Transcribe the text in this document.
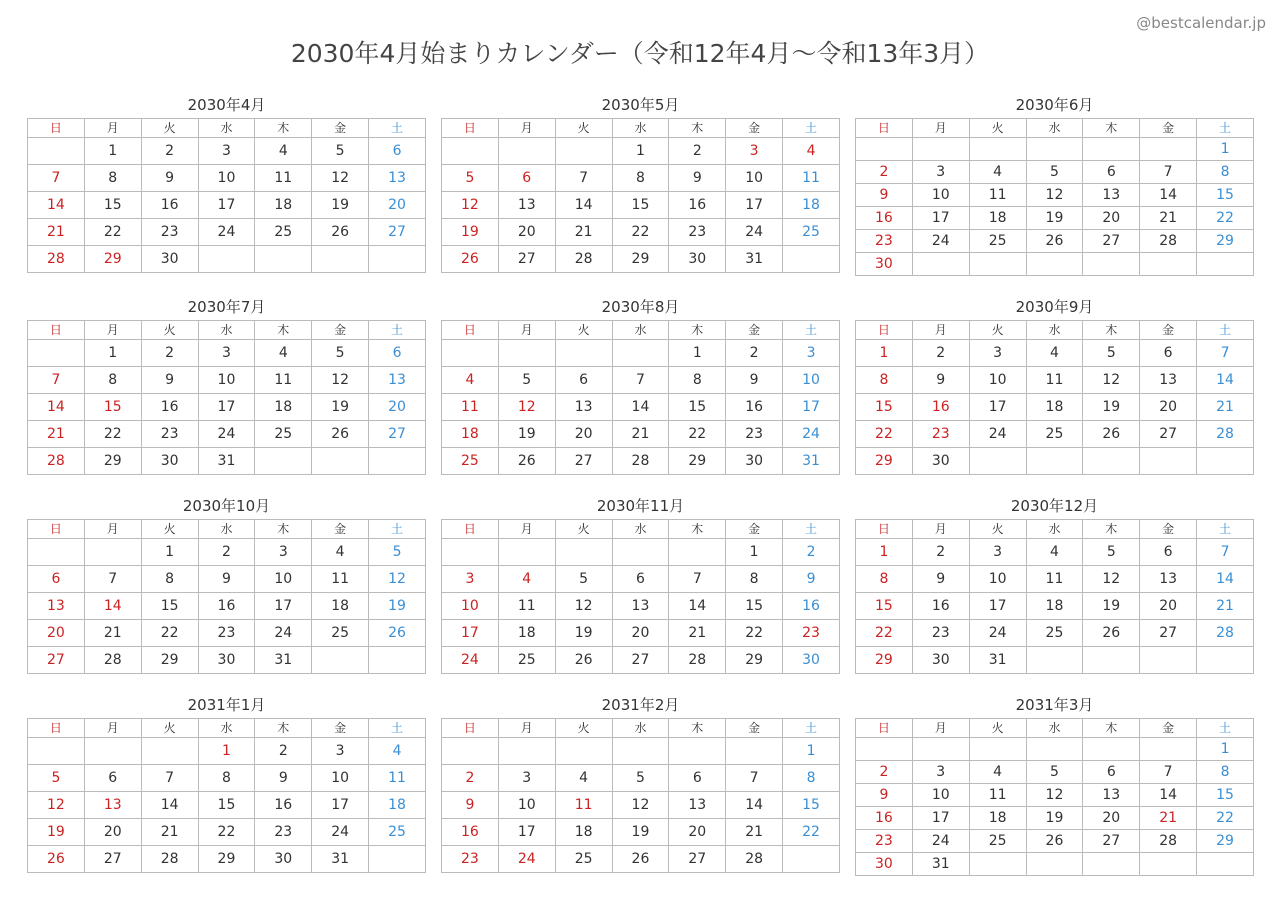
@bestcalendar.jp
2030年4月始まりカレンダー（令和12年4月〜令和13年3月）
2030年4月
日	月	火	水	木	金	土
	1	2	3	4	5	6
7	8	9	10	11	12	13
14	15	16	17	18	19	20
21	22	23	24	25	26	27
28	29	30				
2030年5月
日	月	火	水	木	金	土
			1	2	3	4
5	6	7	8	9	10	11
12	13	14	15	16	17	18
19	20	21	22	23	24	25
26	27	28	29	30	31	
2030年6月
日	月	火	水	木	金	土
						1
2	3	4	5	6	7	8
9	10	11	12	13	14	15
16	17	18	19	20	21	22
23	24	25	26	27	28	29
30						
2030年7月
日	月	火	水	木	金	土
	1	2	3	4	5	6
7	8	9	10	11	12	13
14	15	16	17	18	19	20
21	22	23	24	25	26	27
28	29	30	31			
2030年8月
日	月	火	水	木	金	土
				1	2	3
4	5	6	7	8	9	10
11	12	13	14	15	16	17
18	19	20	21	22	23	24
25	26	27	28	29	30	31
2030年9月
日	月	火	水	木	金	土
1	2	3	4	5	6	7
8	9	10	11	12	13	14
15	16	17	18	19	20	21
22	23	24	25	26	27	28
29	30					
2030年10月
日	月	火	水	木	金	土
		1	2	3	4	5
6	7	8	9	10	11	12
13	14	15	16	17	18	19
20	21	22	23	24	25	26
27	28	29	30	31		
2030年11月
日	月	火	水	木	金	土
					1	2
3	4	5	6	7	8	9
10	11	12	13	14	15	16
17	18	19	20	21	22	23
24	25	26	27	28	29	30
2030年12月
日	月	火	水	木	金	土
1	2	3	4	5	6	7
8	9	10	11	12	13	14
15	16	17	18	19	20	21
22	23	24	25	26	27	28
29	30	31				
2031年1月
日	月	火	水	木	金	土
			1	2	3	4
5	6	7	8	9	10	11
12	13	14	15	16	17	18
19	20	21	22	23	24	25
26	27	28	29	30	31	
2031年2月
日	月	火	水	木	金	土
						1
2	3	4	5	6	7	8
9	10	11	12	13	14	15
16	17	18	19	20	21	22
23	24	25	26	27	28	
2031年3月
日	月	火	水	木	金	土
						1
2	3	4	5	6	7	8
9	10	11	12	13	14	15
16	17	18	19	20	21	22
23	24	25	26	27	28	29
30	31					
